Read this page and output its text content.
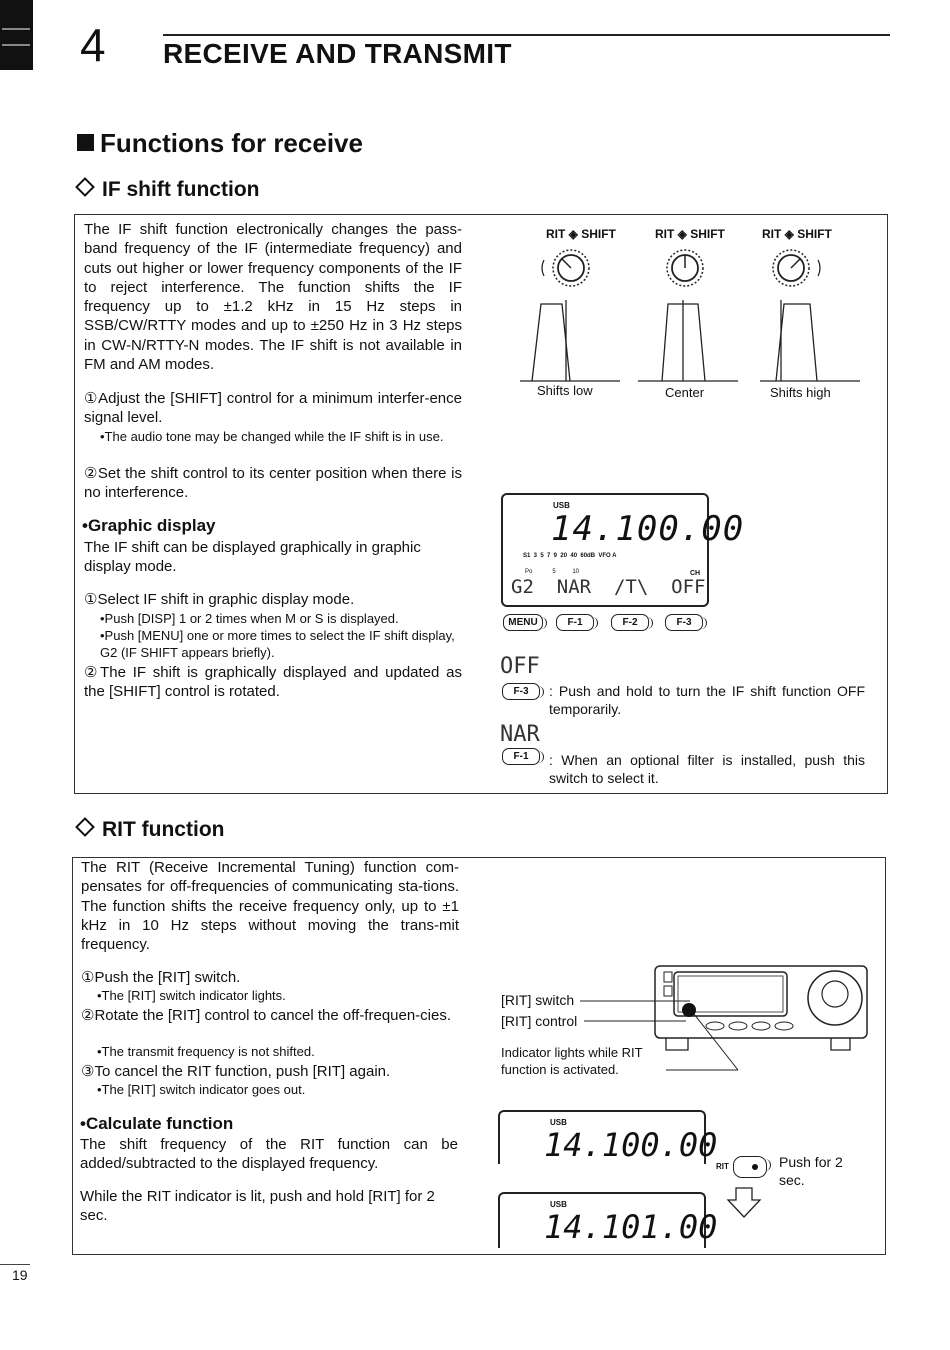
4 RECEIVE AND TRANSMIT
Functions for receive
IF shift function
The IF shift function electronically changes the pass-band frequency of the IF (intermediate frequency) and cuts out higher or lower frequency components of the IF to reject interference. The function shifts the IF frequency up to ±1.2 kHz in 15 Hz steps in SSB/CW/RTTY modes and up to ±250 Hz in 3 Hz steps in CW-N/RTTY-N modes. The IF shift is not available in FM and AM modes.
①Adjust the [SHIFT] control for a minimum interfer-ence signal level.
•The audio tone may be changed while the IF shift is in use.
②Set the shift control to its center position when there is no interference.
•Graphic display
The IF shift can be displayed graphically in graphic display mode.
①Select IF shift in graphic display mode.
•Push [DISP] 1 or 2 times when M or S is displayed.
•Push [MENU] one or more times to select the IF shift display, G2 (IF SHIFT appears briefly).
②The IF shift is graphically displayed and updated as the [SHIFT] control is rotated.
RIT ◈ SHIFT	RIT ◈ SHIFT	RIT ◈ SHIFT
Shifts low	Center	Shifts high
USB
14.100.00
S1  3  5  7  9  20  40  60dB  VFO A
Po            5          10	CH
G2  NAR  /T\  OFF
MENU	F-1	F-2	F-3
OFF
F-3	: Push and hold to turn the IF shift function OFF temporarily.
NAR
F-1	: When an optional filter is installed, push this switch to select it.
RIT function
The RIT (Receive Incremental Tuning) function com-pensates for off-frequencies of communicating sta-tions. The function shifts the receive frequency only, up to ±1 kHz in 10 Hz steps without moving the trans-mit frequency.
①Push the [RIT] switch.
•The [RIT] switch indicator lights.
②Rotate the [RIT] control to cancel the off-frequen-cies.
•The transmit frequency is not shifted.
③To cancel the RIT function, push [RIT] again.
•The [RIT] switch indicator goes out.
•Calculate function
The shift frequency of the RIT function can be added/subtracted to the displayed frequency.
While the RIT indicator is lit, push and hold [RIT] for 2 sec.
[RIT] switch
[RIT] control
Indicator lights while RIT function is activated.
USB
14.100.00
USB
14.101.00
RIT	Push for 2 sec.
19
